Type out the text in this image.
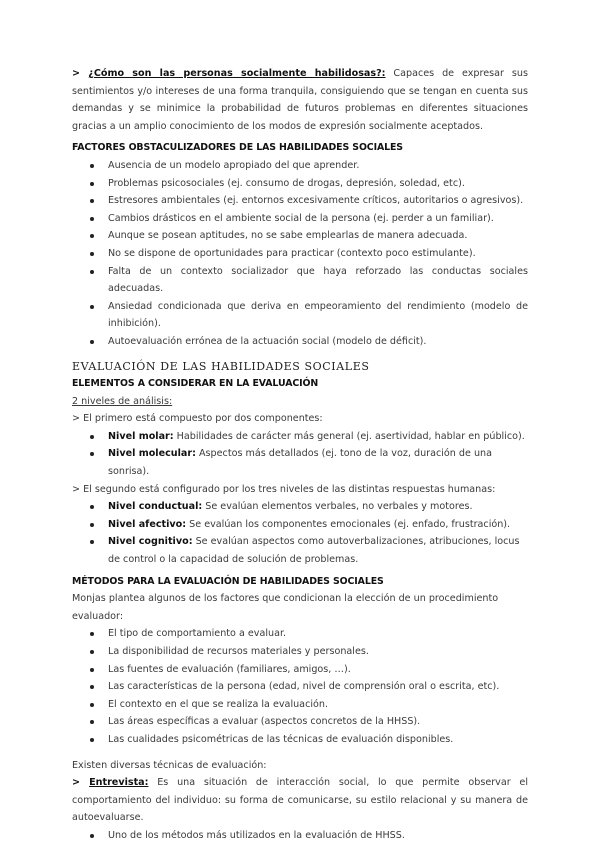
> ¿Cómo son las personas socialmente habilidosas?: Capaces de expresar sus sentimientos y/o intereses de una forma tranquila, consiguiendo que se tengan en cuenta sus demandas y se minimice la probabilidad de futuros problemas en diferentes situaciones gracias a un amplio conocimiento de los modos de expresión socialmente aceptados.

FACTORES OBSTACULIZADORES DE LAS HABILIDADES SOCIALES

Ausencia de un modelo apropiado del que aprender.
Problemas psicosociales (ej. consumo de drogas, depresión, soledad, etc).
Estresores ambientales (ej. entornos excesivamente críticos, autoritarios o agresivos).
Cambios drásticos en el ambiente social de la persona (ej. perder a un familiar).
Aunque se posean aptitudes, no se sabe emplearlas de manera adecuada.
No se dispone de oportunidades para practicar (contexto poco estimulante).
Falta de un contexto socializador que haya reforzado las conductas sociales adecuadas.
Ansiedad condicionada que deriva en empeoramiento del rendimiento (modelo de inhibición).
Autoevaluación errónea de la actuación social (modelo de déficit).

EVALUACIÓN DE LAS HABILIDADES SOCIALES

ELEMENTOS A CONSIDERAR EN LA EVALUACIÓN

2 niveles de análisis:

> El primero está compuesto por dos componentes:

Nivel molar: Habilidades de carácter más general (ej. asertividad, hablar en público).
Nivel molecular: Aspectos más detallados (ej. tono de la voz, duración de una sonrisa).

> El segundo está configurado por los tres niveles de las distintas respuestas humanas:

Nivel conductual: Se evalúan elementos verbales, no verbales y motores.
Nivel afectivo: Se evalúan los componentes emocionales (ej. enfado, frustración).
Nivel cognitivo: Se evalúan aspectos como autoverbalizaciones, atribuciones, locus de control o la capacidad de solución de problemas.

MÉTODOS PARA LA EVALUACIÓN DE HABILIDADES SOCIALES

Monjas plantea algunos de los factores que condicionan la elección de un procedimiento evaluador:

El tipo de comportamiento a evaluar.
La disponibilidad de recursos materiales y personales.
Las fuentes de evaluación (familiares, amigos, …).
Las características de la persona (edad, nivel de comprensión oral o escrita, etc).
El contexto en el que se realiza la evaluación.
Las áreas específicas a evaluar (aspectos concretos de la HHSS).
Las cualidades psicométricas de las técnicas de evaluación disponibles.

Existen diversas técnicas de evaluación:

> Entrevista: Es una situación de interacción social, lo que permite observar el comportamiento del individuo: su forma de comunicarse, su estilo relacional y su manera de autoevaluarse.

Uno de los métodos más utilizados en la evaluación de HHSS.
